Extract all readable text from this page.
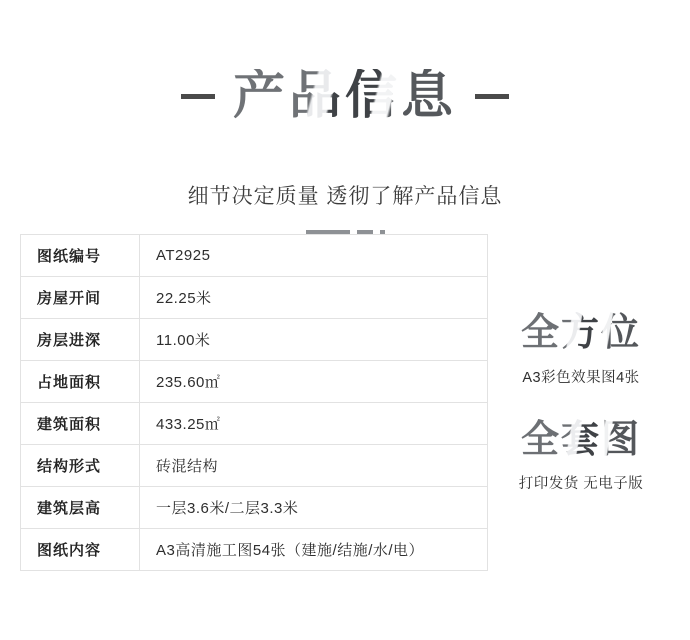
产品信息
细节决定质量 透彻了解产品信息
图纸编号	AT2925
房屋开间	22.25米
房层进深	11.00米
占地面积	235.60㎡
建筑面积	433.25㎡
结构形式	砖混结构
建筑层高	一层3.6米/二层3.3米
图纸内容	A3高清施工图54张（建施/结施/水/电）
全方位
A3彩色效果图4张
全套图
打印发货 无电子版
